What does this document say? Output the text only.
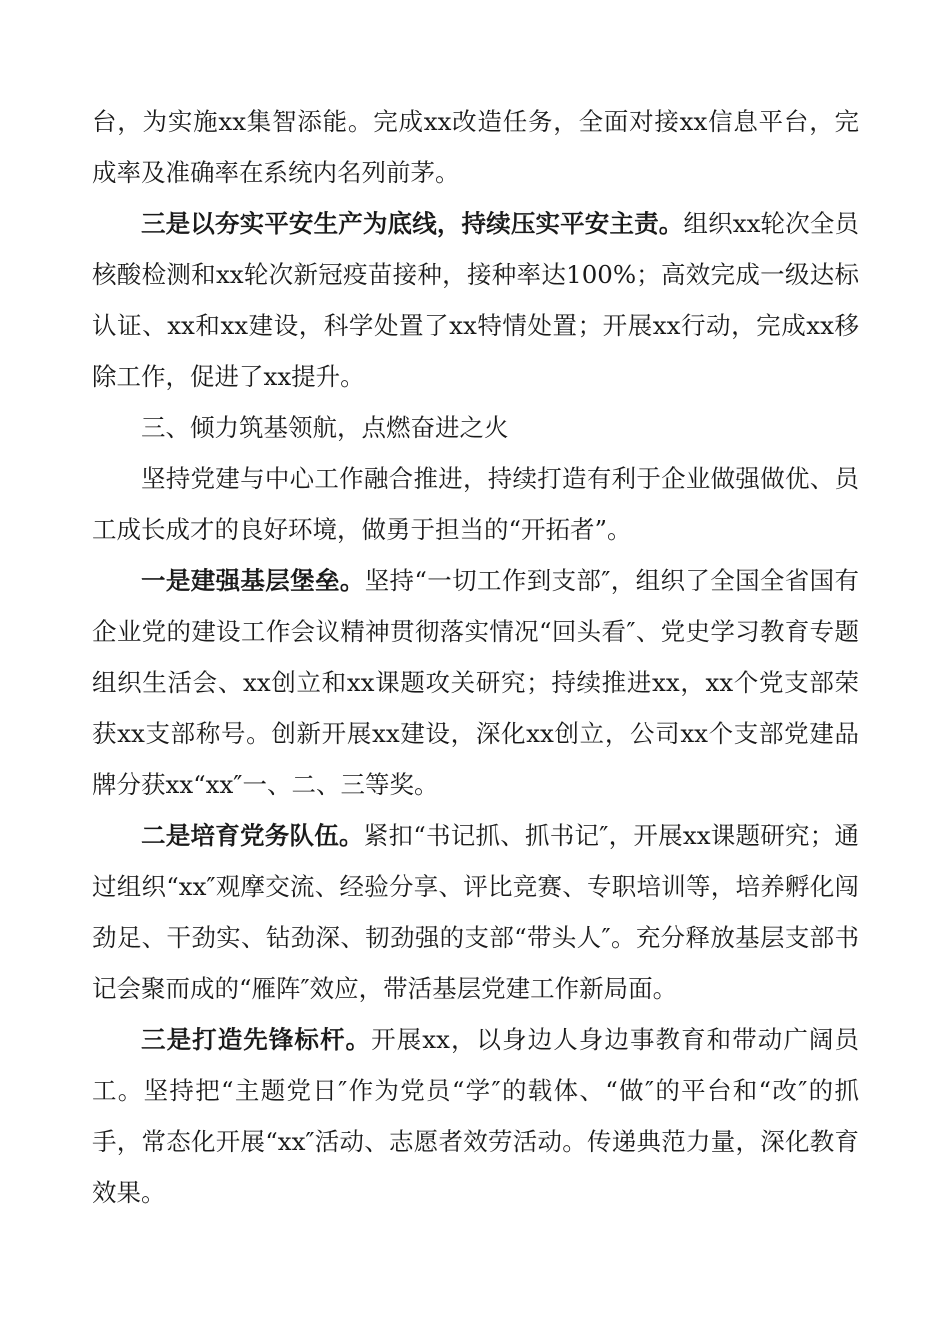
台，为实施xx集智添能。完成xx改造任务，全面对接xx信息平台，完成率及准确率在系统内名列前茅。

三是以夯实平安生产为底线，持续压实平安主责。组织xx轮次全员核酸检测和xx轮次新冠疫苗接种，接种率达100%；高效完成一级达标认证、xx和xx建设，科学处置了xx特情处置；开展xx行动，完成xx移除工作，促进了xx提升。

三、倾力筑基领航，点燃奋进之火

坚持党建与中心工作融合推进，持续打造有利于企业做强做优、员工成长成才的良好环境，做勇于担当的“开拓者”。

一是建强基层堡垒。坚持“一切工作到支部″，组织了全国全省国有企业党的建设工作会议精神贯彻落实情况“回头看″、党史学习教育专题组织生活会、xx创立和xx课题攻关研究；持续推进xx，xx个党支部荣获xx支部称号。创新开展xx建设，深化xx创立，公司xx个支部党建品牌分获xx“xx″一、二、三等奖。

二是培育党务队伍。紧扣“书记抓、抓书记″，开展xx课题研究；通过组织“xx″观摩交流、经验分享、评比竞赛、专职培训等，培养孵化闯劲足、干劲实、钻劲深、韧劲强的支部“带头人″。充分释放基层支部书记会聚而成的“雁阵″效应，带活基层党建工作新局面。

三是打造先锋标杆。开展xx，以身边人身边事教育和带动广阔员工。坚持把“主题党日″作为党员“学″的载体、“做″的平台和“改″的抓手，常态化开展“xx″活动、志愿者效劳活动。传递典范力量，深化教育效果。
